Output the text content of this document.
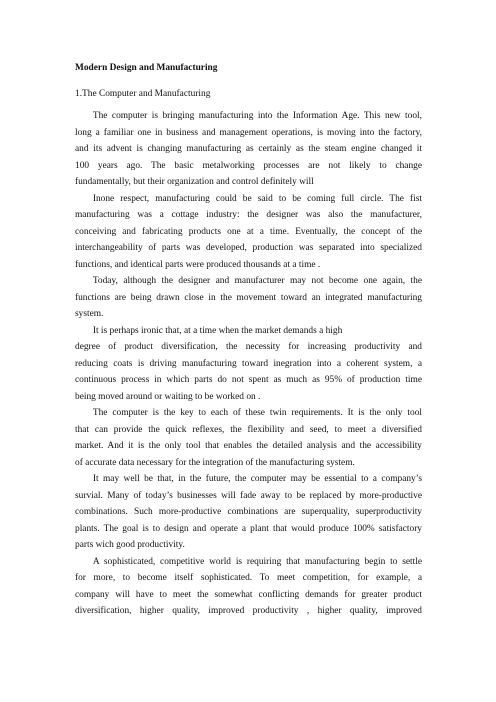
Modern Design and Manufacturing
1.The Computer and Manufacturing

The computer is bringing manufacturing into the Information Age. This new tool,
long a familiar one in business and management operations, is moving into the factory,
and its advent is changing manufacturing as certainly as the steam engine changed it
100 years ago. The basic metalworking processes are not likely to change
fundamentally, but their organization and control definitely will

Inone respect, manufacturing could be said to be coming full circle. The fist
manufacturing was a cottage industry: the designer was also the manufacturer,
conceiving and fabricating products one at a time. Eventually, the concept of the
interchangeability of parts was developed, production was separated into specialized
functions, and identical parts were produced thousands at a time .

Today, although the designer and manufacturer may not become one again, the
functions are being drawn close in the movement toward an integrated manufacturing
system.

It is perhaps ironic that, at a time when the market demands a high

degree of product diversification, the necessity for increasing productivity and
reducing coats is driving manufacturing toward inegration into a coherent system, a
continuous process in which parts do not spent as much as 95% of production time
being moved around or waiting to be worked on .

The computer is the key to each of these twin requirements. It is the only tool
that can provide the quick reflexes, the flexibility and seed, to meet a diversified
market. And it is the only tool that enables the detailed analysis and the accessibility
of accurate data necessary for the integration of the manufacturing system.

It may well be that, in the future, the computer may be essential to a company’s
survial. Many of today’s businesses will fade away to be replaced by more-productive
combinations. Such more-productive combinations are superquality, superproductivity
plants. The goal is to design and operate a plant that would produce 100% satisfactory
parts wich good productivity.

A sophisticated, competitive world is requiring that manufacturing begin to settle
for more, to become itself sophisticated. To meet competition, for example, a
company will have to meet the somewhat conflicting demands for greater product
diversification, higher quality, improved productivity , higher quality, improved
